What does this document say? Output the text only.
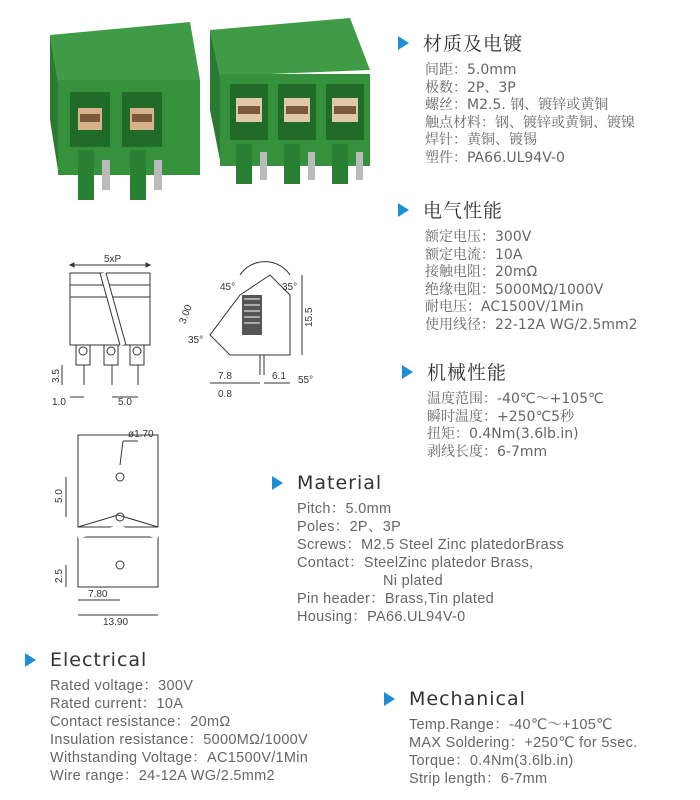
5xP
3.5
1.0	5.0
45°	35°
3.00	15.5
35°
55°
7.8	6.1
0.8
ø1.70
5.0
2.5
7.80
13.90
材质及电镀
间距：5.0mm
极数：2P、3P
螺丝：M2.5. 钢、镀锌或黄铜
触点材料：钢、镀锌或黄铜、镀镍
焊针：黄铜、镀锡
塑件：PA66.UL94V-0
电气性能
额定电压：300V
额定电流：10A
接触电阻：20mΩ
绝缘电阻：5000MΩ/1000V
耐电压：AC1500V/1Min
使用线径：22-12A WG/2.5mm2
机械性能
温度范围：-40℃～+105℃
瞬时温度：+250℃5秒
扭矩：0.4Nm(3.6lb.in)
剥线长度：6-7mm
Material
Pitch：5.0mm
Poles：2P、3P
Screws：M2.5 Steel Zinc platedorBrass
Contact：SteelZinc platedor Brass,
Ni plated
Pin header：Brass,Tin plated
Housing：PA66.UL94V-0
Electrical
Rated voltage：300V
Rated current：10A
Contact resistance：20mΩ
Insulation resistance：5000MΩ/1000V
Withstanding Voltage：AC1500V/1Min
Wire range：24-12A WG/2.5mm2
Mechanical
Temp.Range：-40℃～+105℃
MAX Soldering：+250℃ for 5sec.
Torque：0.4Nm(3.6lb.in)
Strip length：6-7mm
